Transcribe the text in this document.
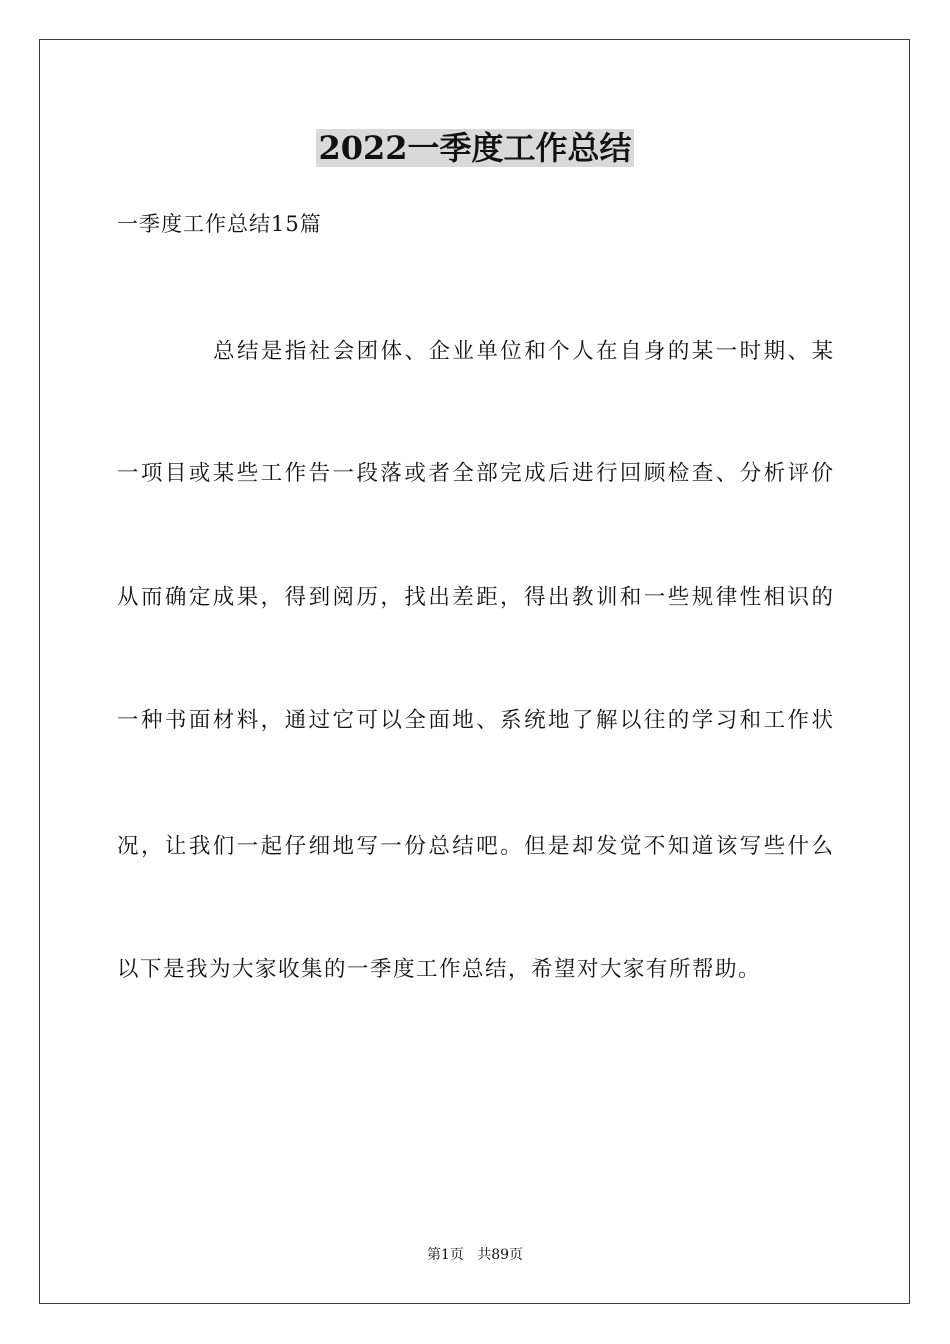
2022一季度工作总结
一季度工作总结15篇
总结是指社会团体、企业单位和个人在自身的某一时期、某
一项目或某些工作告一段落或者全部完成后进行回顾检查、分析评价
从而确定成果，得到阅历，找出差距，得出教训和一些规律性相识的
一种书面材料，通过它可以全面地、系统地了解以往的学习和工作状
况，让我们一起仔细地写一份总结吧。但是却发觉不知道该写些什么
以下是我为大家收集的一季度工作总结，希望对大家有所帮助。
第1页 共89页
